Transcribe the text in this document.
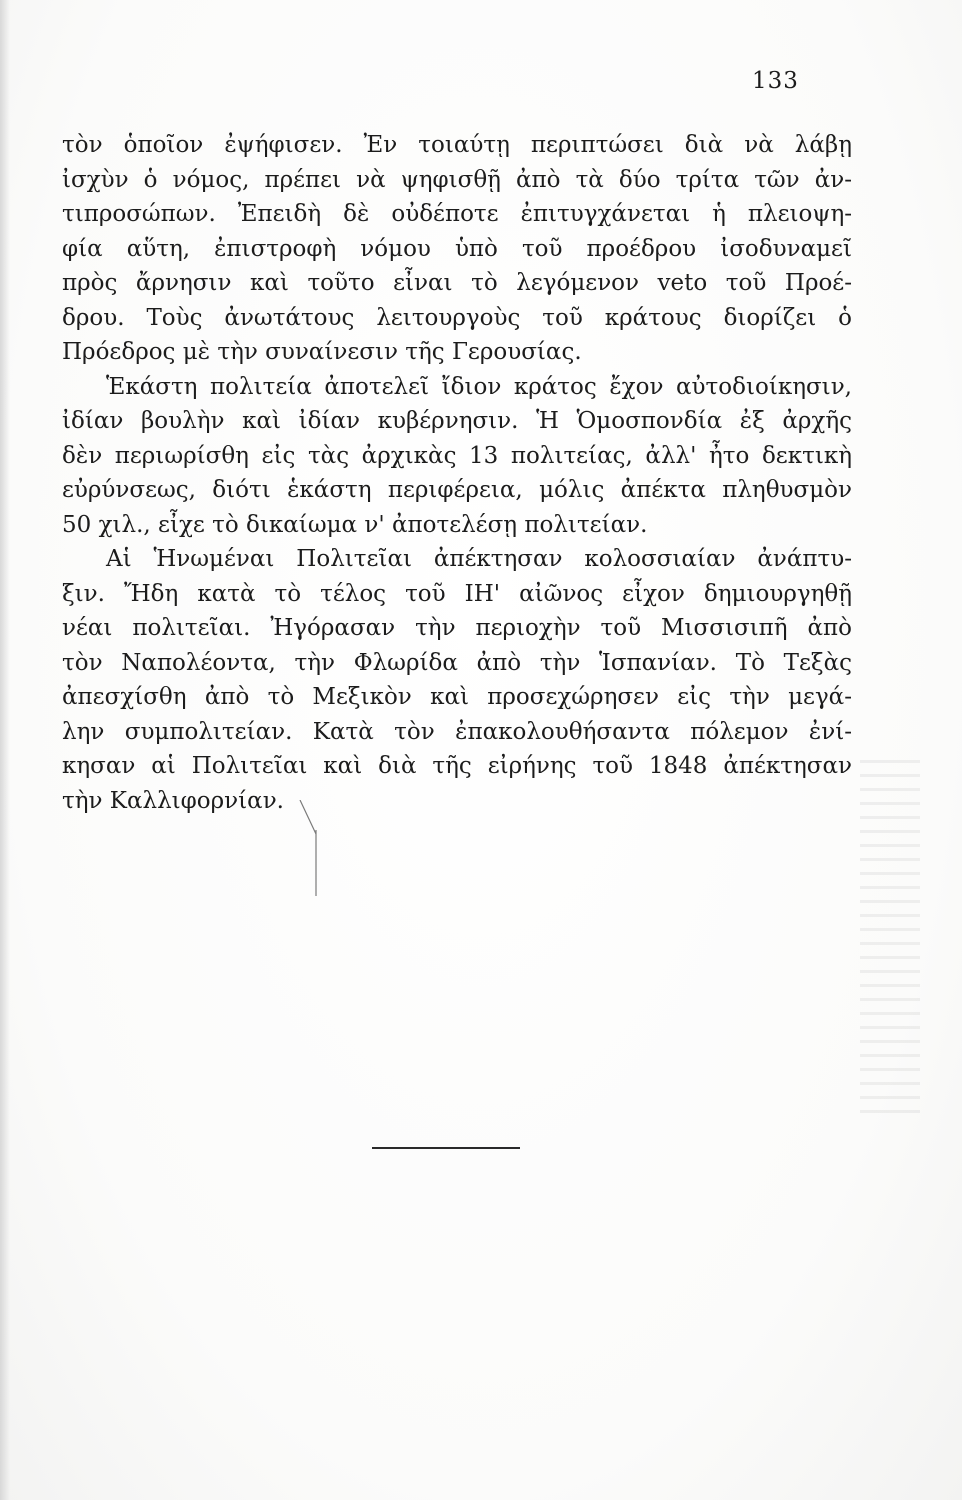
133
τὸν ὁποῖον ἐψήφισεν. Ἐν τοιαύτῃ περιπτώσει διὰ νὰ λάβῃ
ἰσχὺν ὁ νόμος, πρέπει νὰ ψηφισθῇ ἀπὸ τὰ δύο τρίτα τῶν ἀν-
τιπροσώπων. Ἐπειδὴ δὲ οὐδέποτε ἐπιτυγχάνεται ἡ πλειοψη-
φία αὕτη, ἐπιστροφὴ νόμου ὑπὸ τοῦ προέδρου ἰσοδυναμεῖ
πρὸς ἄρνησιν καὶ τοῦτο εἶναι τὸ λεγόμενον veto τοῦ Προέ-
δρου. Τοὺς ἀνωτάτους λειτουργοὺς τοῦ κράτους διορίζει ὁ
Πρόεδρος μὲ τὴν συναίνεσιν τῆς Γερουσίας.
Ἑκάστη πολιτεία ἀποτελεῖ ἴδιον κράτος ἔχον αὐτοδιοίκησιν,
ἰδίαν βουλὴν καὶ ἰδίαν κυβέρνησιν. Ἡ Ὁμοσπονδία ἐξ ἀρχῆς
δὲν περιωρίσθη εἰς τὰς ἀρχικὰς 13 πολιτείας, ἀλλ' ἦτο δεκτικὴ
εὐρύνσεως, διότι ἑκάστη περιφέρεια, μόλις ἀπέκτα πληθυσμὸν
50 χιλ., εἶχε τὸ δικαίωμα ν' ἀποτελέσῃ πολιτείαν.
Αἱ Ἡνωμέναι Πολιτεῖαι ἀπέκτησαν κολοσσιαίαν ἀνάπτυ-
ξιν. Ἤδη κατὰ τὸ τέλος τοῦ ΙΗ' αἰῶνος εἶχον δημιουργηθῇ
νέαι πολιτεῖαι. Ἠγόρασαν τὴν περιοχὴν τοῦ Μισσισιπῆ ἀπὸ
τὸν Ναπολέοντα, τὴν Φλωρίδα ἀπὸ τὴν Ἱσπανίαν. Τὸ Τεξὰς
ἀπεσχίσθη ἀπὸ τὸ Μεξικὸν καὶ προσεχώρησεν εἰς τὴν μεγά-
λην συμπολιτείαν. Κατὰ τὸν ἐπακολουθήσαντα πόλεμον ἐνί-
κησαν αἱ Πολιτεῖαι καὶ διὰ τῆς εἰρήνης τοῦ 1848 ἀπέκτησαν
τὴν Καλλιφορνίαν.
